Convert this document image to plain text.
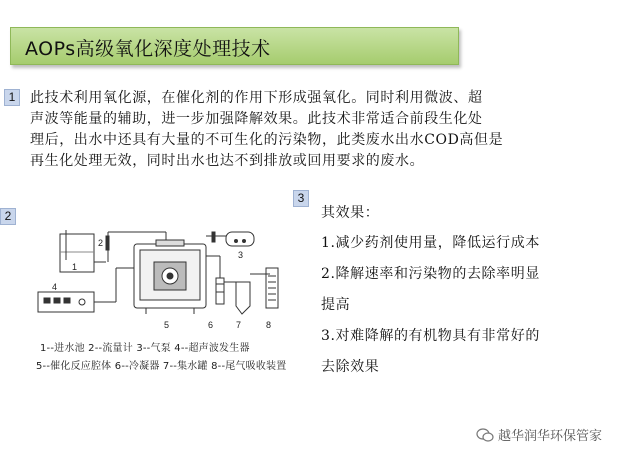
AOPs高级氧化深度处理技术
1	此技术利用氧化源，在催化剂的作用下形成强氧化。同时利用微波、超
声波等能量的辅助，进一步加强降解效果。此技术非常适合前段生化处
理后，出水中还具有大量的不可生化的污染物，此类废水出水COD高但是
再生化处理无效，同时出水也达不到排放或回用要求的废水。
2
3
1
2
3
4
5	6	7	8
1--进水池 2--流量计 3--气泵 4--超声波发生器
5--催化反应腔体 6--冷凝器 7--集水罐 8--尾气吸收装置
其效果：
1.减少药剂使用量，降低运行成本
2.降解速率和污染物的去除率明显
提高
3.对难降解的有机物具有非常好的
去除效果
越华润华环保管家
